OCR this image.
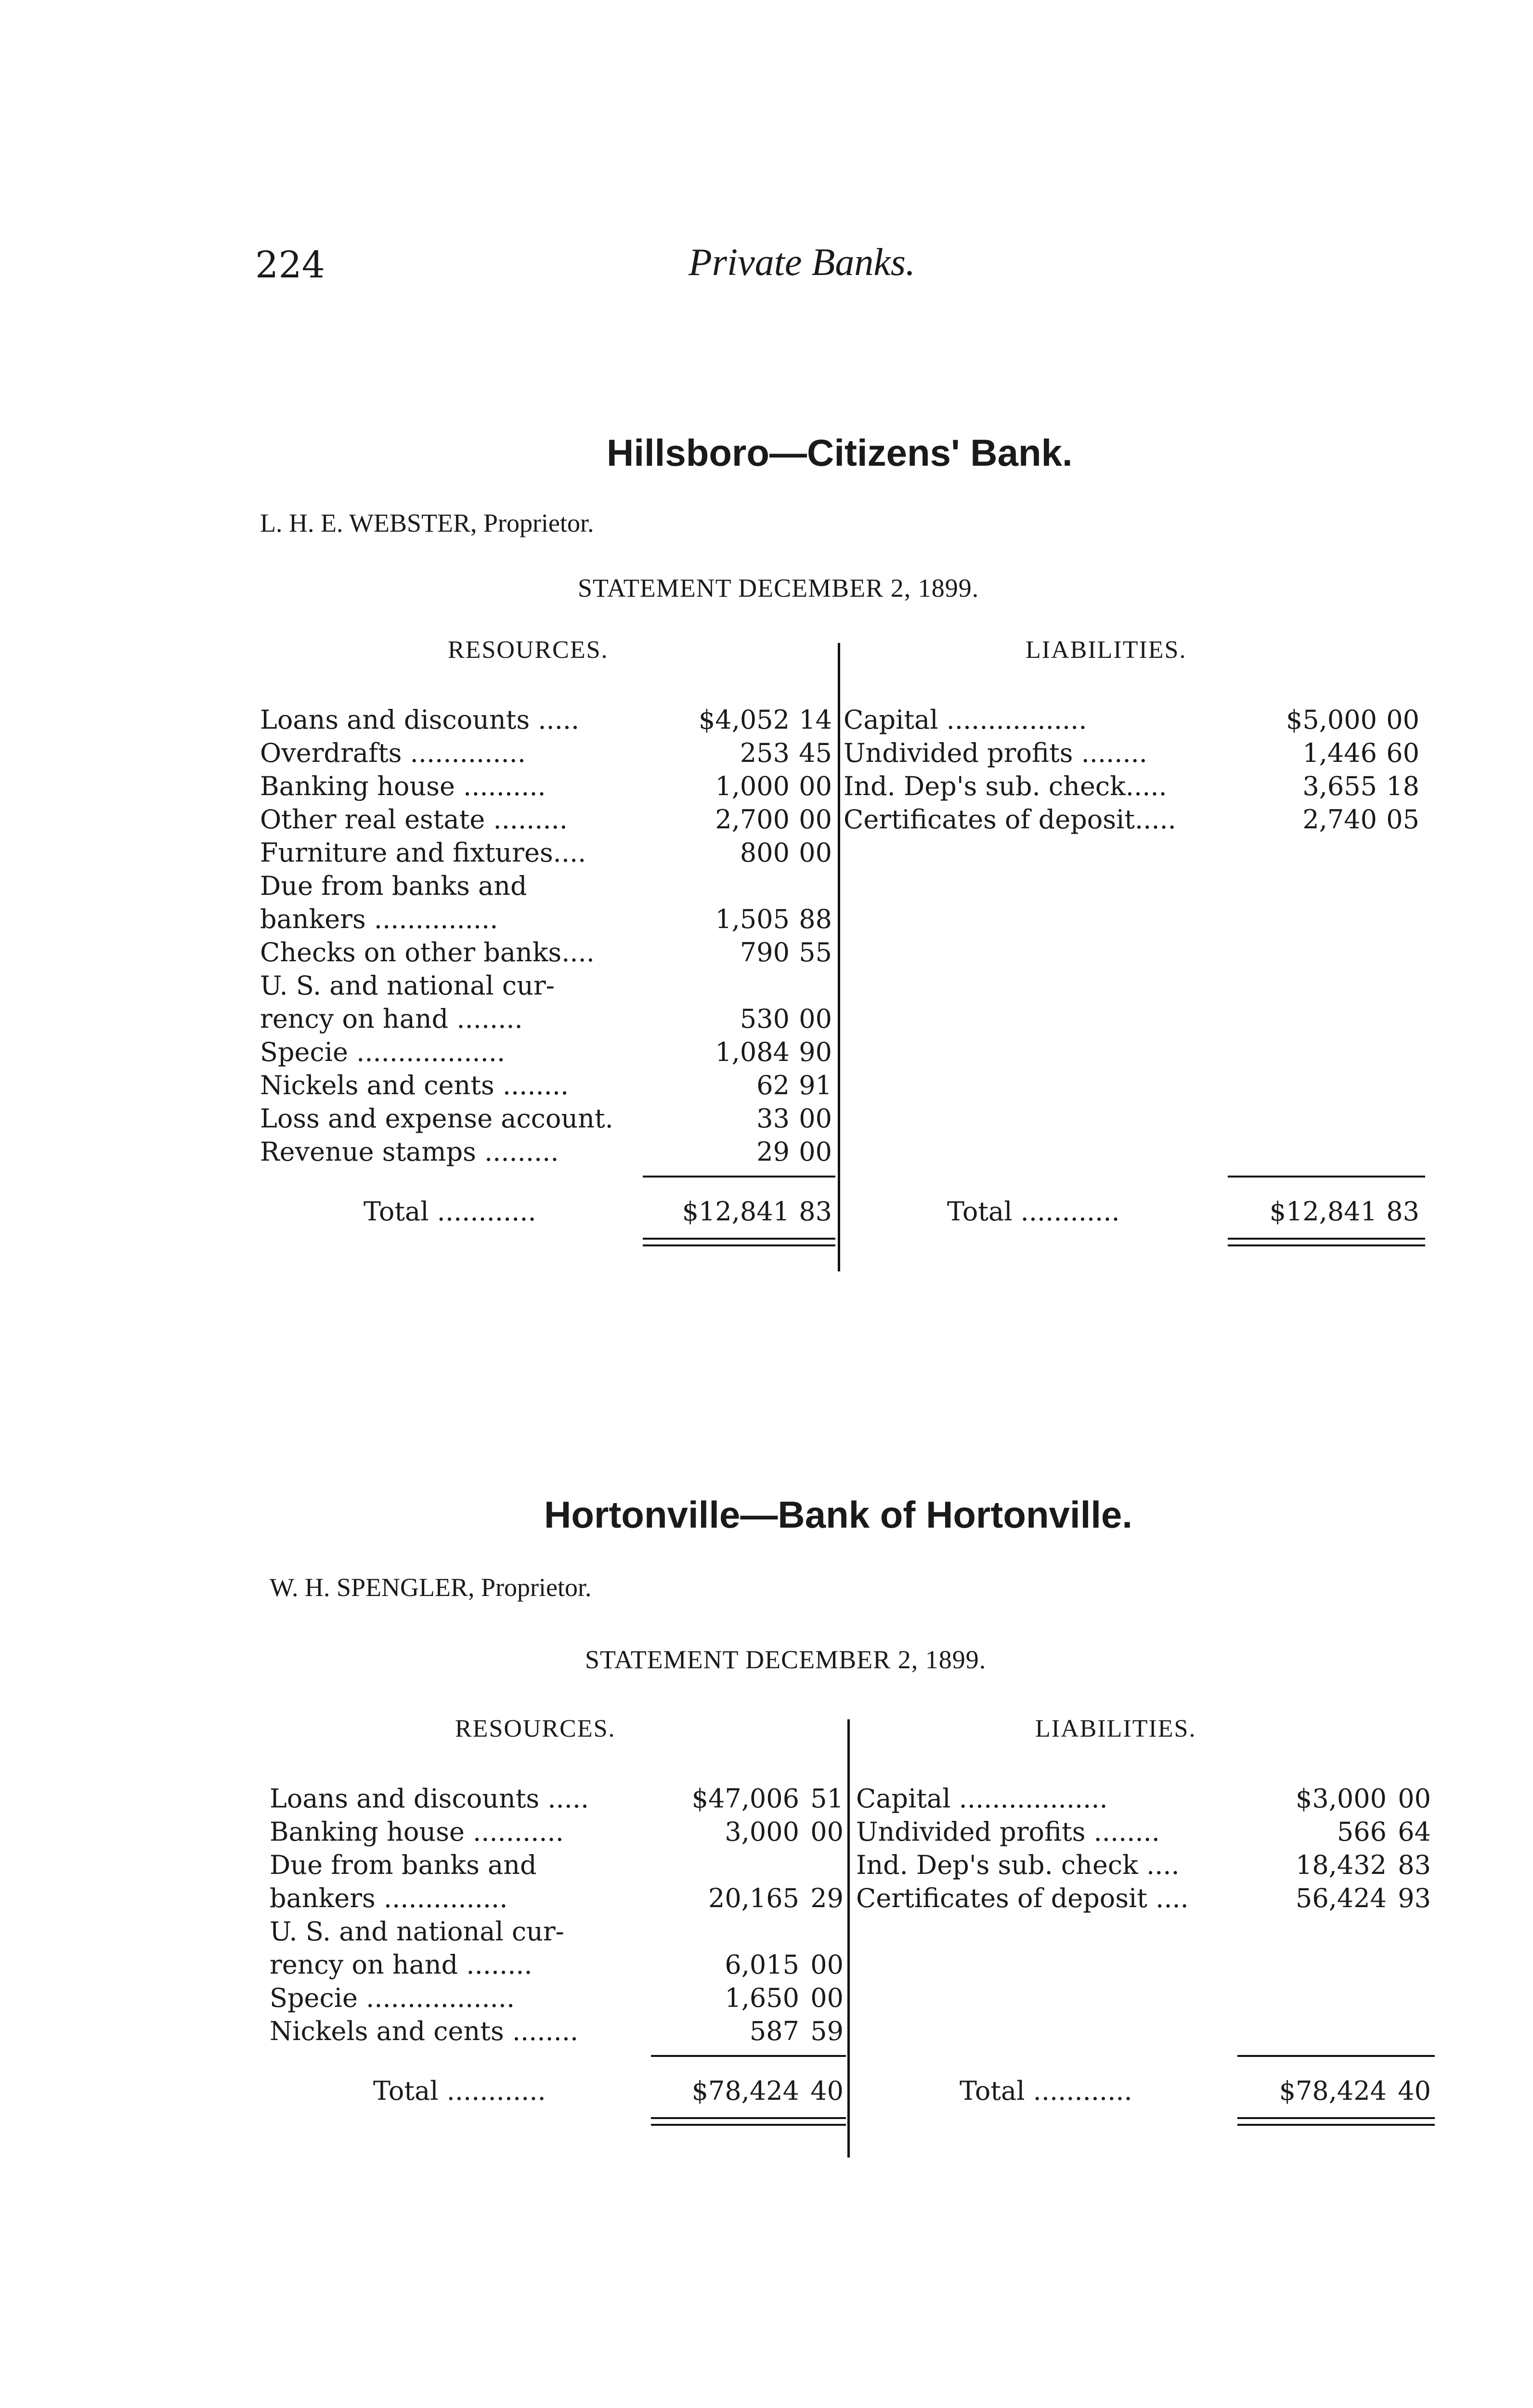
224	Private Banks.
Hillsboro—Citizens' Bank.
L. H. E. WEBSTER, Proprietor.
STATEMENT DECEMBER 2, 1899.
RESOURCES.	LIABILITIES.
Loans and discounts .....	$4,052 14
Overdrafts ..............	253 45
Banking house ..........	1,000 00
Other real estate .........	2,700 00
Furniture and fixtures....	800 00
Due from banks and
bankers ...............	1,505 88
Checks on other banks....	790 55
U. S. and national cur-
rency on hand ........	530 00
Specie ..................	1,084 90
Nickels and cents ........	62 91
Loss and expense account.	33 00
Revenue stamps .........	29 00
Capital .................	$5,000 00
Undivided profits ........	1,446 60
Ind. Dep's sub. check.....	3,655 18
Certificates of deposit.....	2,740 05
Total ............	$12,841 83	Total ............	$12,841 83
Hortonville—Bank of Hortonville.
W. H. SPENGLER, Proprietor.
STATEMENT DECEMBER 2, 1899.
RESOURCES.	LIABILITIES.
Loans and discounts .....	$47,006 51
Banking house ...........	3,000 00
Due from banks and
bankers ...............	20,165 29
U. S. and national cur-
rency on hand ........	6,015 00
Specie ..................	1,650 00
Nickels and cents ........	587 59
Capital ..................	$3,000 00
Undivided profits ........	566 64
Ind. Dep's sub. check ....	18,432 83
Certificates of deposit ....	56,424 93
Total ............	$78,424 40	Total ............	$78,424 40
